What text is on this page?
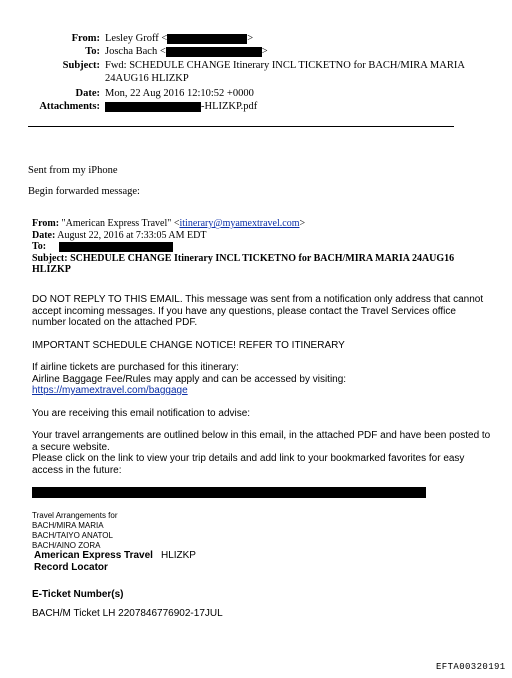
From: Lesley Groff <	>
To: Joscha Bach <	>
Subject: Fwd: SCHEDULE CHANGE Itinerary INCL TICKETNO for BACH/MIRA MARIA
24AUG16 HLIZKP
Date: Mon, 22 Aug 2016 12:10:52 +0000
Attachments:	-HLIZKP.pdf
Sent from my iPhone
Begin forwarded message:
From: "American Express Travel" <itinerary@myamextravel.com>
Date: August 22, 2016 at 7:33:05 AM EDT
To:
Subject: SCHEDULE CHANGE Itinerary INCL TICKETNO for BACH/MIRA MARIA 24AUG16 HLIZKP

DO NOT REPLY TO THIS EMAIL. This message was sent from a notification only address that cannot accept incoming messages. If you have any questions, please contact the Travel Services office number located on the attached PDF.

IMPORTANT SCHEDULE CHANGE NOTICE! REFER TO ITINERARY

If airline tickets are purchased for this itinerary:

Airline Baggage Fee/Rules may apply and can be accessed by visiting:

https://myamextravel.com/baggage

You are receiving this email notification to advise:

Your travel arrangements are outlined below in this email, in the attached PDF and have been posted to a secure website.

Please click on the link to view your trip details and add link to your bookmarked favorites for easy access in the future:

Travel Arrangements for
BACH/MIRA MARIA
BACH/TAIYO ANATOL
BACH/AINO ZORA
American Express Travel HLIZKP
Record Locator
E-Ticket Number(s)
BACH/M Ticket LH 2207846776902-17JUL
EFTA00320191
